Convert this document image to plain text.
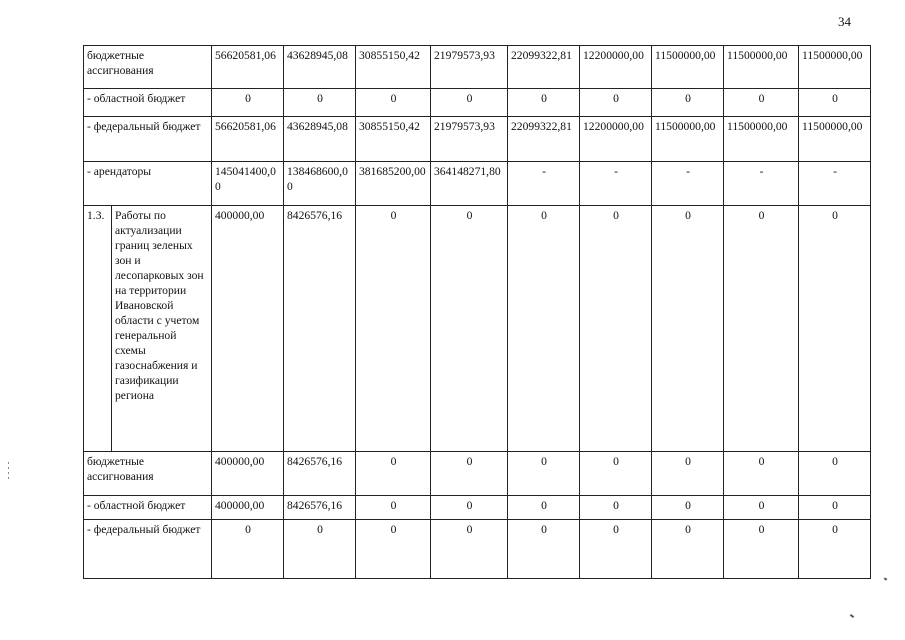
34
бюджетные ассигнования		56620581,06	43628945,08	30855150,42	21979573,93	22099322,81	12200000,00	11500000,00	11500000,00	11500000,00
- областной бюджет		0	0	0	0	0	0	0	0	0
- федеральный бюджет		56620581,06	43628945,08	30855150,42	21979573,93	22099322,81	12200000,00	11500000,00	11500000,00	11500000,00
- арендаторы		145041400,00	138468600,00	381685200,00	364148271,80	-	-	-	-	-
1.3.	Работы по актуализации границ зеленых зон и лесопарковых зон на территории Ивановской области с учетом генеральной схемы газоснабжения и газификации региона	400000,00	8426576,16	0	0	0	0	0	0	0
бюджетные ассигнования		400000,00	8426576,16	0	0	0	0	0	0	0
- областной бюджет		400000,00	8426576,16	0	0	0	0	0	0	0
- федеральный бюджет		0	0	0	0	0	0	0	0	0
